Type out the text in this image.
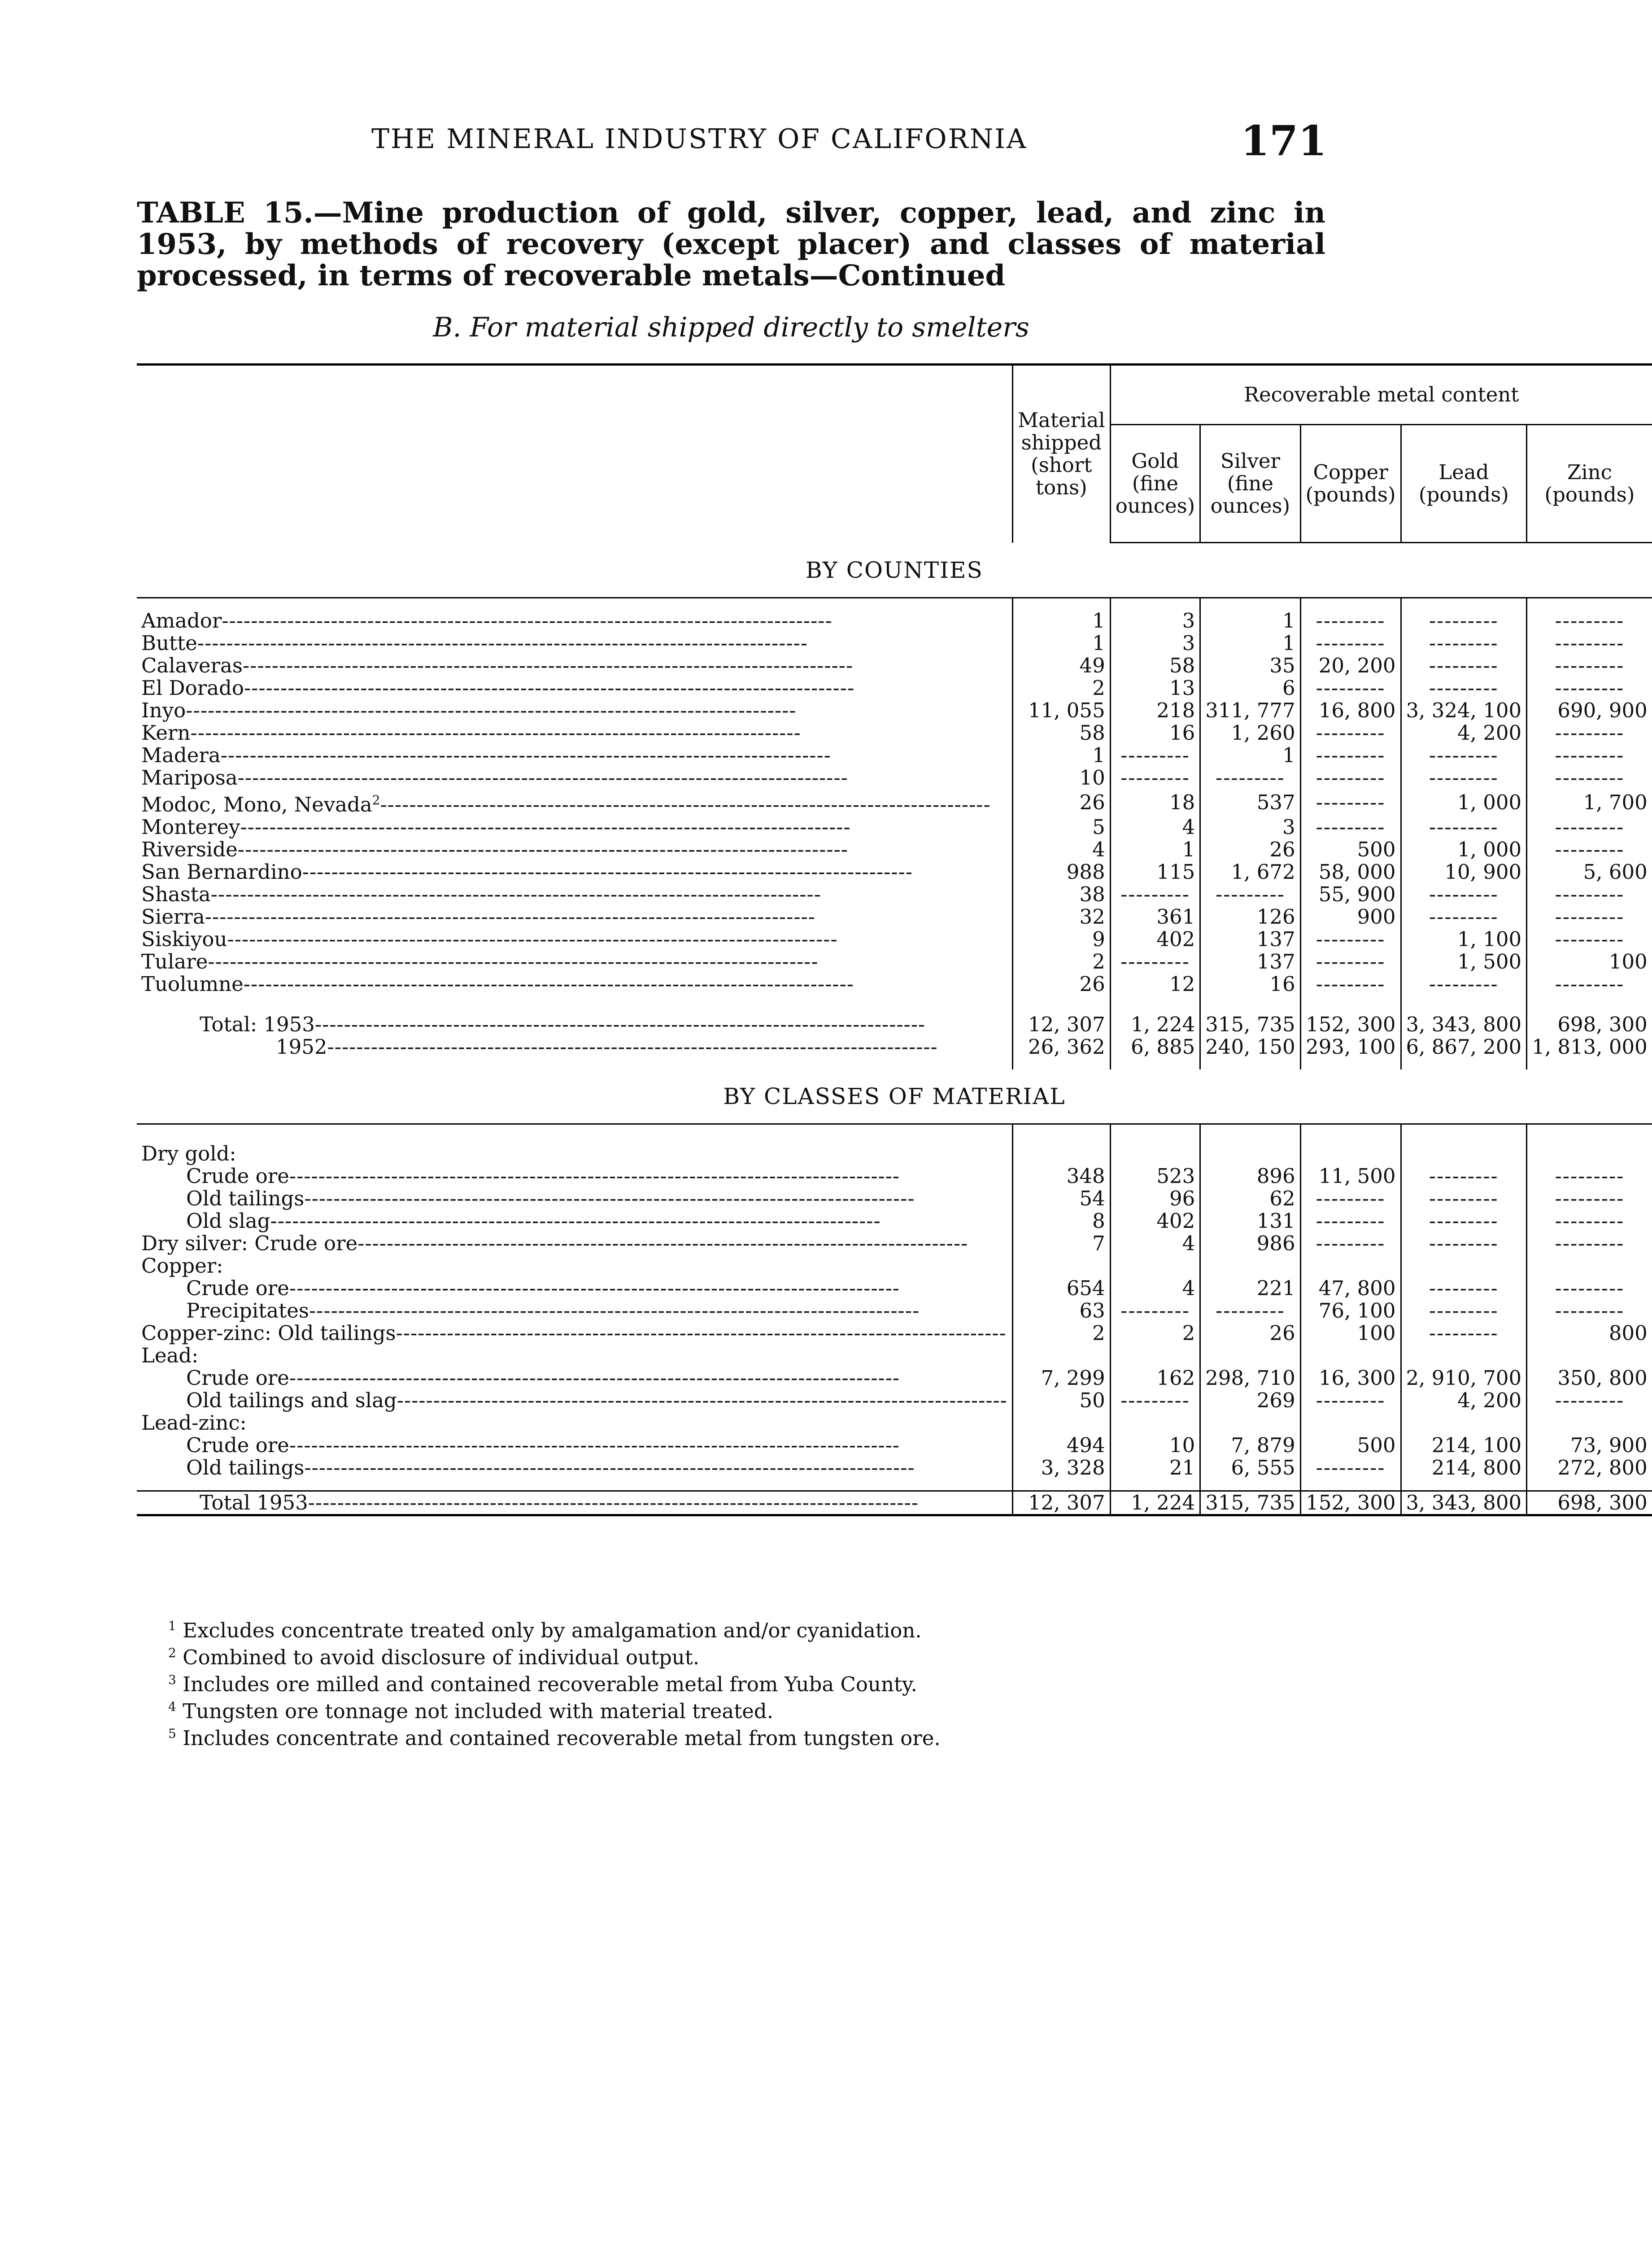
THE MINERAL INDUSTRY OF CALIFORNIA	171
TABLE 15.—Mine production of gold, silver, copper, lead, and zinc in 1953, by methods of recovery (except placer) and classes of material processed, in terms of recoverable metals—Continued
B. For material shipped directly to smelters
	Material shipped (short tons)	Recoverable metal content				
		Gold (fine ounces)	Silver (fine ounces)	Copper (pounds)	Lead (pounds)	Zinc (pounds)
BY COUNTIES						

Amador------------------------------------------------------------------------------------	1	3	1	---------	---------	---------
Butte------------------------------------------------------------------------------------	1	3	1	---------	---------	---------
Calaveras------------------------------------------------------------------------------------	49	58	35	20, 200	---------	---------
El Dorado------------------------------------------------------------------------------------	2	13	6	---------	---------	---------
Inyo------------------------------------------------------------------------------------	11, 055	218	311, 777	16, 800	3, 324, 100	690, 900
Kern------------------------------------------------------------------------------------	58	16	1, 260	---------	4, 200	---------
Madera------------------------------------------------------------------------------------	1	---------	1	---------	---------	---------
Mariposa------------------------------------------------------------------------------------	10	---------	---------	---------	---------	---------
Modoc, Mono, Nevada$^2$------------------------------------------------------------------------------------	26	18	537	---------	1, 000	1, 700
Monterey------------------------------------------------------------------------------------	5	4	3	---------	---------	---------
Riverside------------------------------------------------------------------------------------	4	1	26	500	1, 000	---------
San Bernardino------------------------------------------------------------------------------------	988	115	1, 672	58, 000	10, 900	5, 600
Shasta------------------------------------------------------------------------------------	38	---------	---------	55, 900	---------	---------
Sierra------------------------------------------------------------------------------------	32	361	126	900	---------	---------
Siskiyou------------------------------------------------------------------------------------	9	402	137	---------	1, 100	---------
Tulare------------------------------------------------------------------------------------	2	---------	137	---------	1, 500	100
Tuolumne------------------------------------------------------------------------------------	26	12	16	---------	---------	---------

Total: 1953------------------------------------------------------------------------------------	12, 307	1, 224	315, 735	152, 300	3, 343, 800	698, 300
1952------------------------------------------------------------------------------------	26, 362	6, 885	240, 150	293, 100	6, 867, 200	1, 813, 000

BY CLASSES OF MATERIAL						

Dry gold:						
Crude ore------------------------------------------------------------------------------------	348	523	896	11, 500	---------	---------
Old tailings------------------------------------------------------------------------------------	54	96	62	---------	---------	---------
Old slag------------------------------------------------------------------------------------	8	402	131	---------	---------	---------
Dry silver: Crude ore------------------------------------------------------------------------------------	7	4	986	---------	---------	---------
Copper:						
Crude ore------------------------------------------------------------------------------------	654	4	221	47, 800	---------	---------
Precipitates------------------------------------------------------------------------------------	63	---------	---------	76, 100	---------	---------
Copper-zinc: Old tailings------------------------------------------------------------------------------------	2	2	26	100	---------	800
Lead:						
Crude ore------------------------------------------------------------------------------------	7, 299	162	298, 710	16, 300	2, 910, 700	350, 800
Old tailings and slag------------------------------------------------------------------------------------	50	---------	269	---------	4, 200	---------
Lead-zinc:						
Crude ore------------------------------------------------------------------------------------	494	10	7, 879	500	214, 100	73, 900
Old tailings------------------------------------------------------------------------------------	3, 328	21	6, 555	---------	214, 800	272, 800

Total 1953------------------------------------------------------------------------------------	12, 307	1, 224	315, 735	152, 300	3, 343, 800	698, 300
$^1$ Excludes concentrate treated only by amalgamation and/or cyanidation.
$^2$ Combined to avoid disclosure of individual output.
$^3$ Includes ore milled and contained recoverable metal from Yuba County.
$^4$ Tungsten ore tonnage not included with material treated.
$^5$ Includes concentrate and contained recoverable metal from tungsten ore.
